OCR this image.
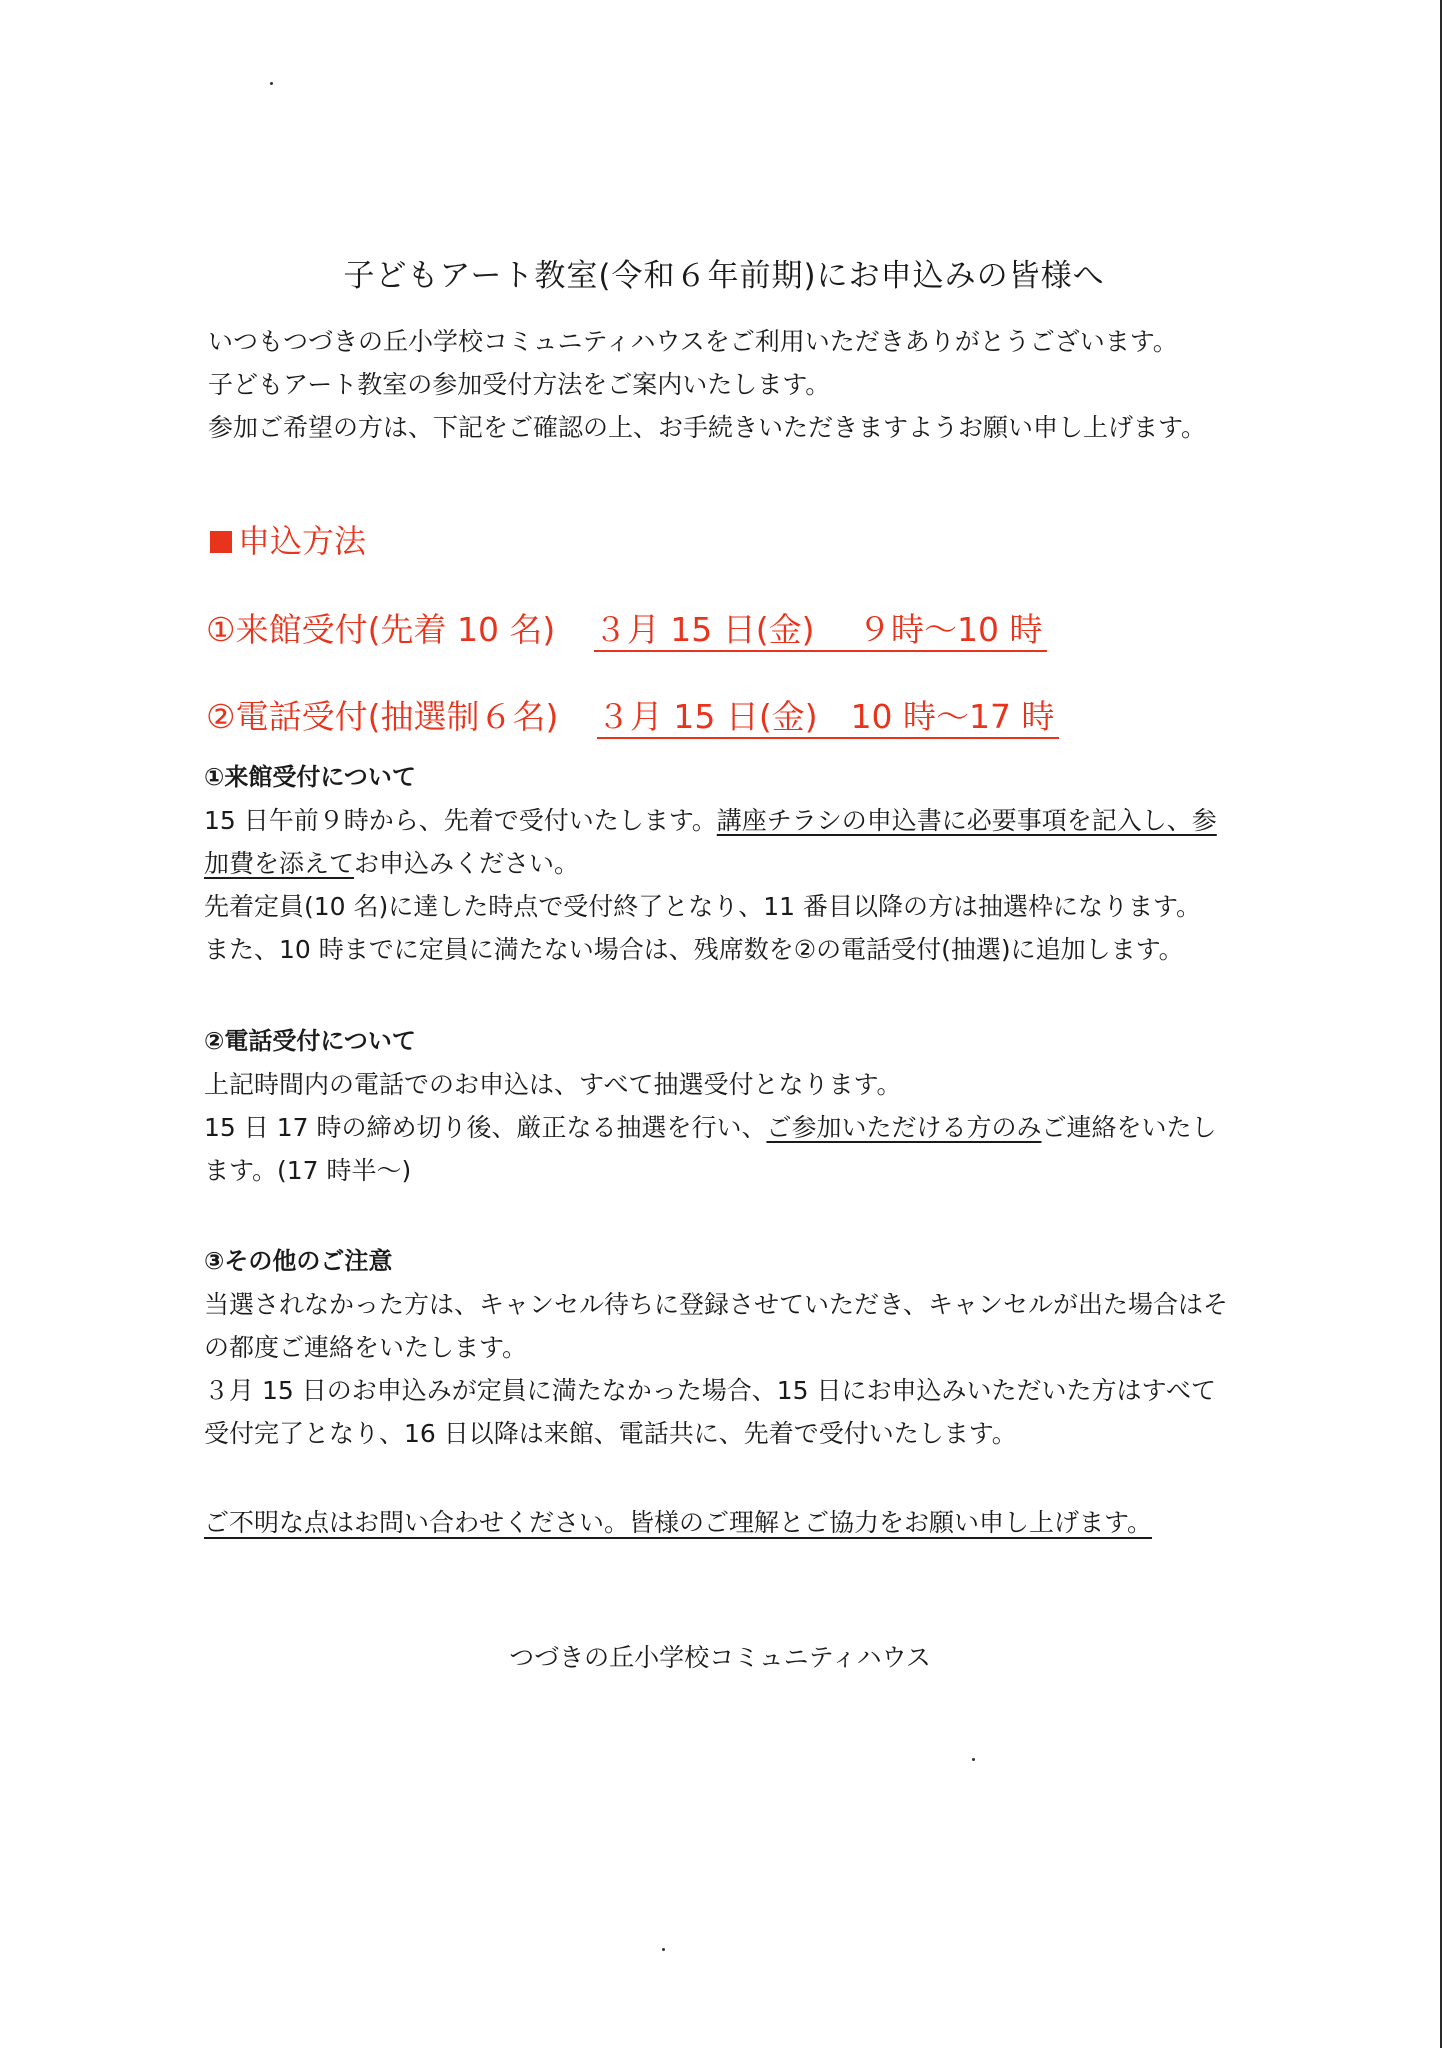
子どもアート教室(令和６年前期)にお申込みの皆様へ
いつもつづきの丘小学校コミュニティハウスをご利用いただきありがとうございます。
子どもアート教室の参加受付方法をご案内いたします。
参加ご希望の方は、下記をご確認の上、お手続きいただきますようお願い申し上げます。
申込方法
①来館受付(先着 10 名) ３月 15 日(金)　 ９時～10 時
②電話受付(抽選制６名) ３月 15 日(金)　10 時～17 時
①来館受付について
15 日午前９時から、先着で受付いたします。講座チラシの申込書に必要事項を記入し、参
加費を添えてお申込みください。
先着定員(10 名)に達した時点で受付終了となり、11 番目以降の方は抽選枠になります。
また、10 時までに定員に満たない場合は、残席数を②の電話受付(抽選)に追加します。
②電話受付について
上記時間内の電話でのお申込は、すべて抽選受付となります。
15 日 17 時の締め切り後、厳正なる抽選を行い、ご参加いただける方のみご連絡をいたし
ます。(17 時半～)
③その他のご注意
当選されなかった方は、キャンセル待ちに登録させていただき、キャンセルが出た場合はそ
の都度ご連絡をいたします。
３月 15 日のお申込みが定員に満たなかった場合、15 日にお申込みいただいた方はすべて
受付完了となり、16 日以降は来館、電話共に、先着で受付いたします。
ご不明な点はお問い合わせください。皆様のご理解とご協力をお願い申し上げます。
つづきの丘小学校コミュニティハウス
